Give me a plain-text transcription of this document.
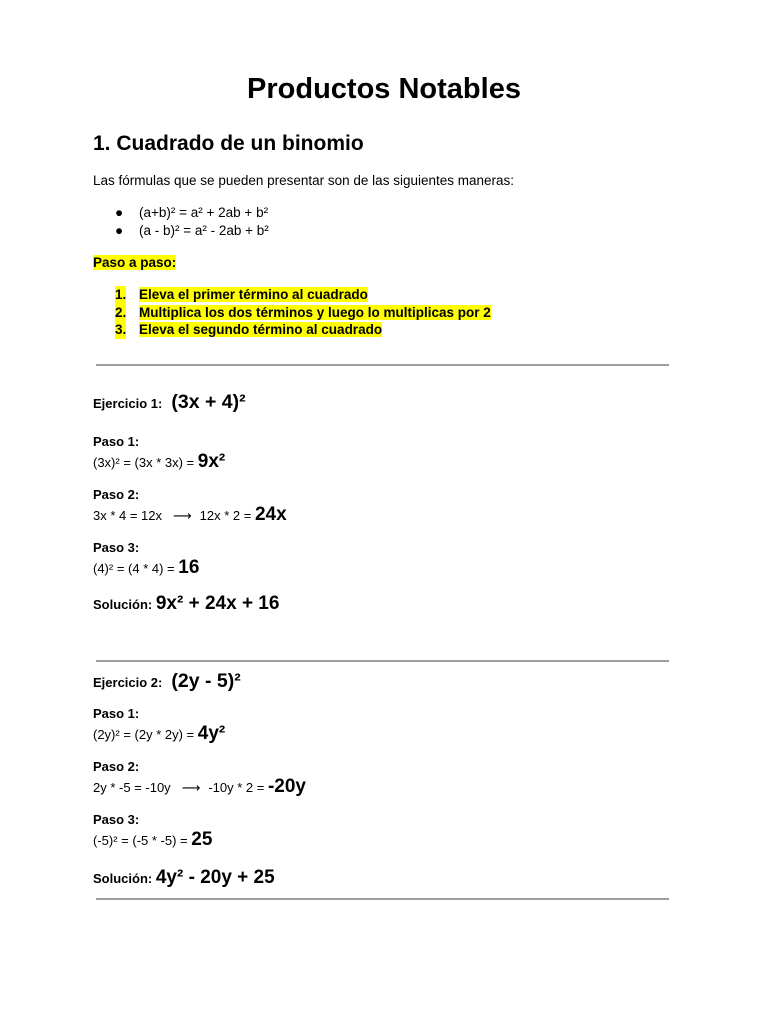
Productos Notables
1. Cuadrado de un binomio

Las fórmulas que se pueden presentar son de las siguientes maneras:

● (a+b)² = a² + 2ab + b²
● (a - b)² = a² - 2ab + b²

Paso a paso:

1. Eleva el primer término al cuadrado
2. Multiplica los dos términos y luego lo multiplicas por 2
3. Eleva el segundo término al cuadrado

Ejercicio 1: (3x + 4)²

Paso 1:

(3x)² = (3x * 3x) = 9x²

Paso 2:

3x * 4 = 12x ⟶ 12x * 2 = 24x

Paso 3:

(4)² = (4 * 4) = 16

Solución: 9x² + 24x + 16

Ejercicio 2: (2y - 5)²

Paso 1:

(2y)² = (2y * 2y) = 4y²

Paso 2:

2y * -5 = -10y ⟶ -10y * 2 = -20y

Paso 3:

(-5)² = (-5 * -5) = 25

Solución: 4y² - 20y + 25
